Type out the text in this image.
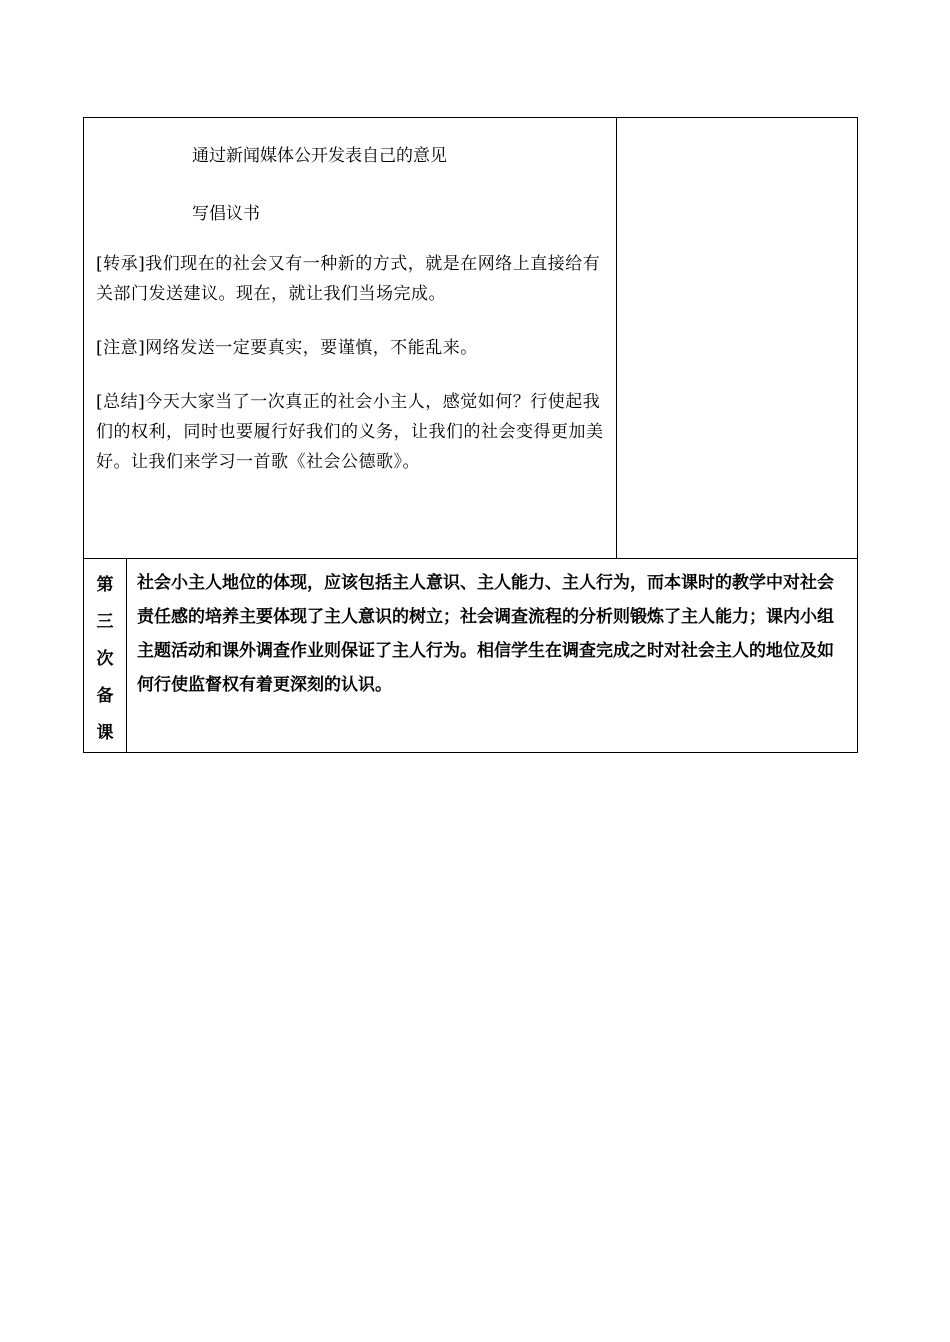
通过新闻媒体公开发表自己的意见

写倡议书

[转承]我们现在的社会又有一种新的方式，就是在网络上直接给有关部门发送建议。现在，就让我们当场完成。

[注意]网络发送一定要真实，要谨慎，不能乱来。

[总结]今天大家当了一次真正的社会小主人，感觉如何？行使起我们的权利，同时也要履行好我们的义务，让我们的社会变得更加美好。让我们来学习一首歌《社会公德歌》。		

第
三
次
备
课	社会小主人地位的体现，应该包括主人意识、主人能力、主人行为，而本课时的教学中对社会责任感的培养主要体现了主人意识的树立；社会调查流程的分析则锻炼了主人能力；课内小组主题活动和课外调查作业则保证了主人行为。相信学生在调查完成之时对社会主人的地位及如何行使监督权有着更深刻的认识。	
